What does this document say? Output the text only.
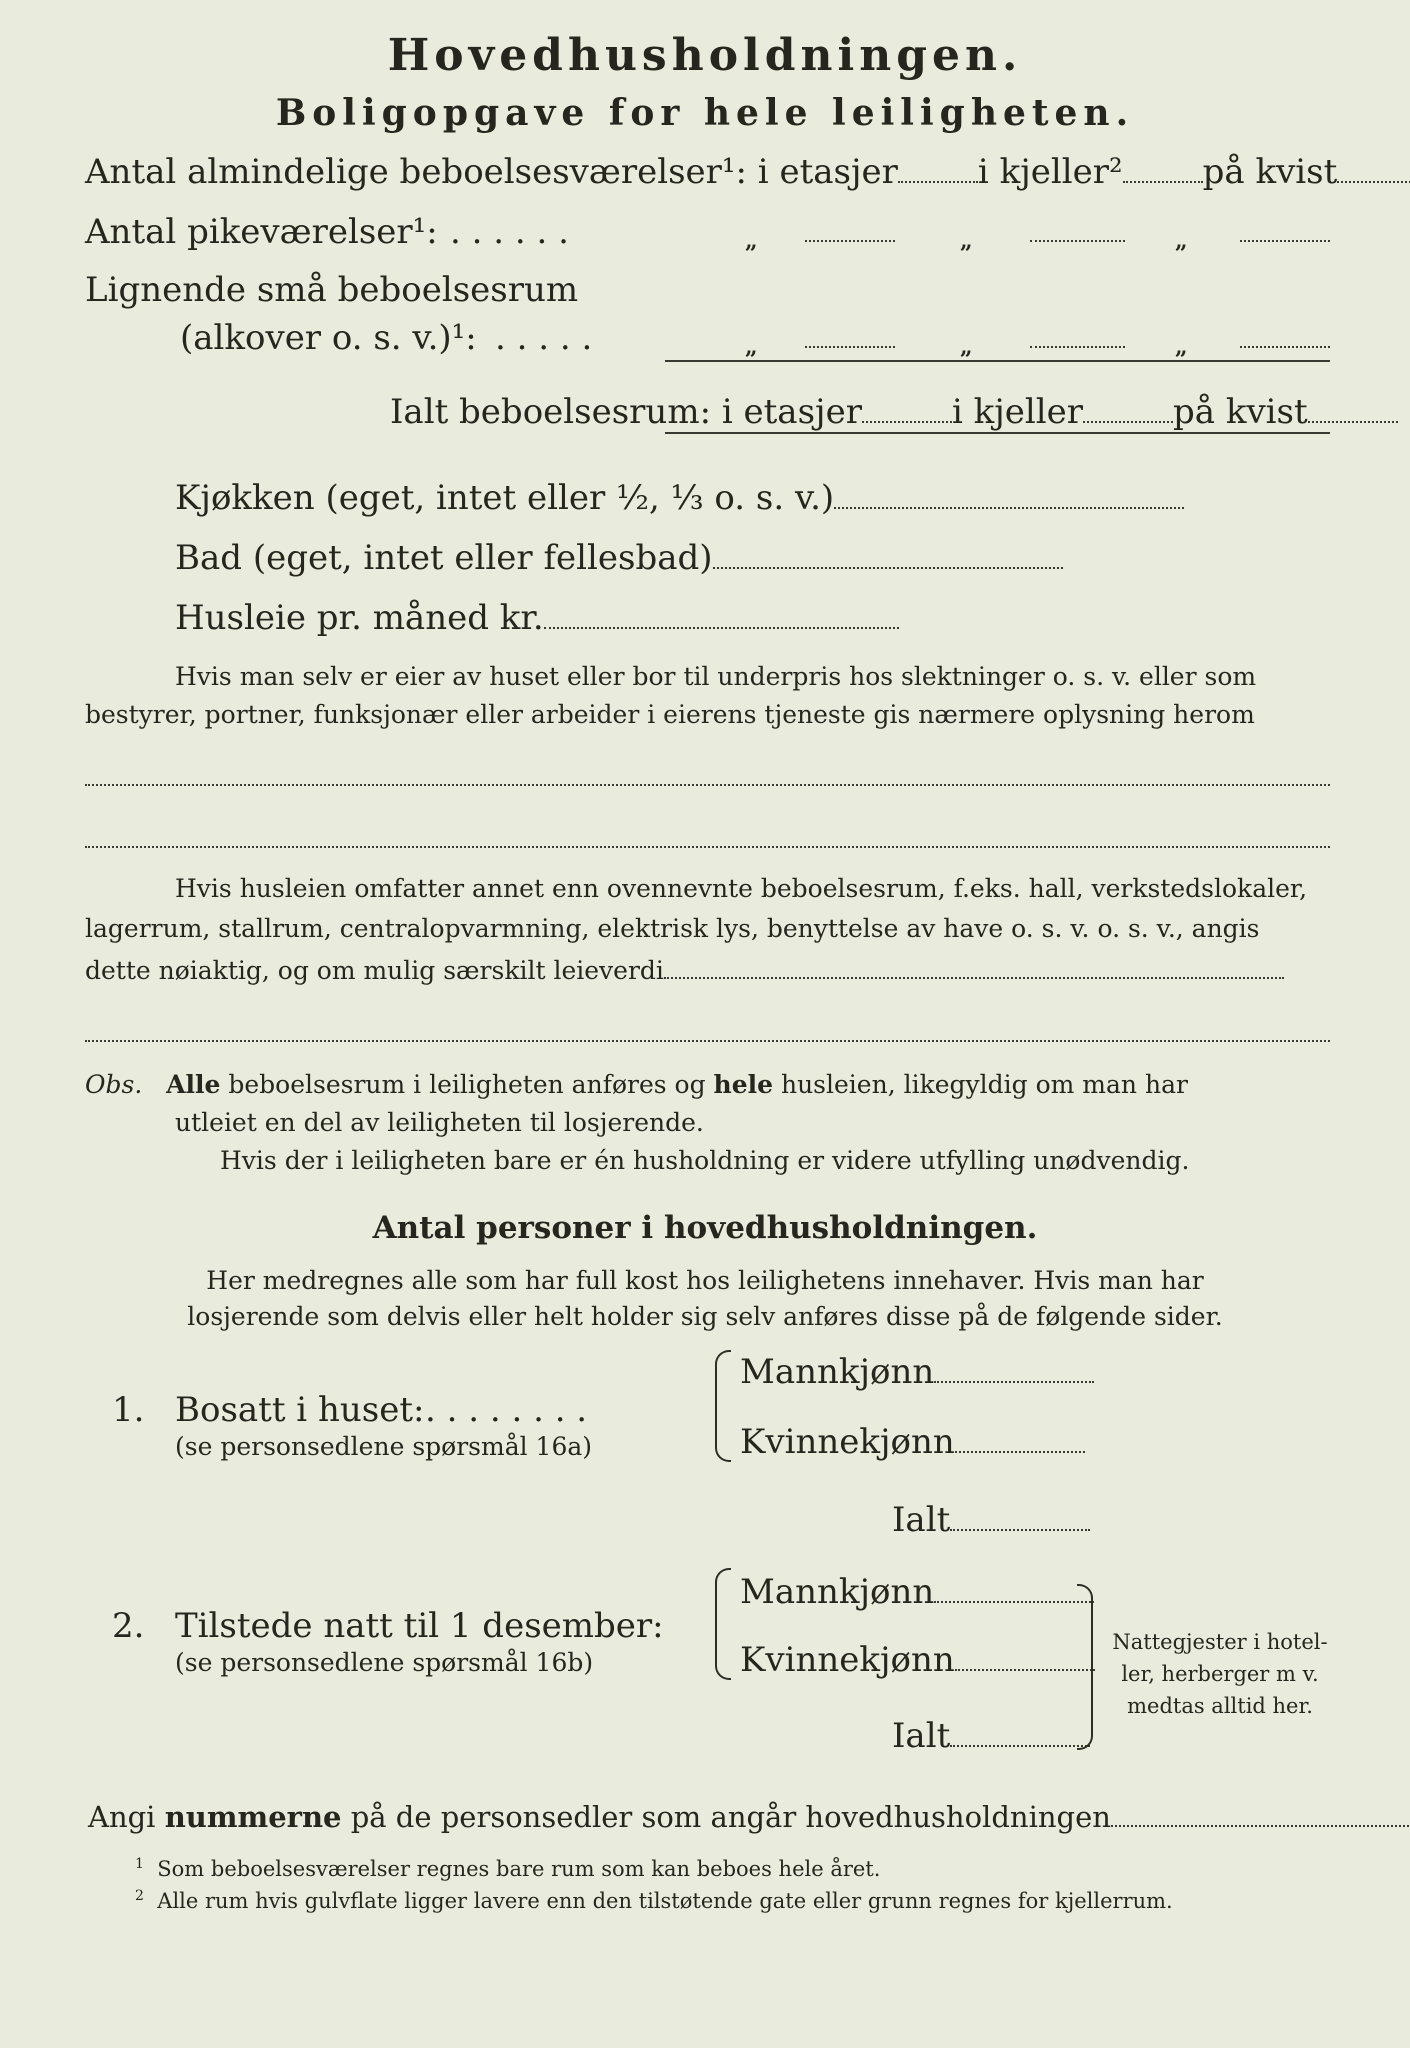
Hovedhusholdningen.
Boligopgave for hele leiligheten.
Antal almindelige beboelsesværelser¹: i etasjer i kjeller² på kvist
Antal pikeværelser¹: . . . . . .	„	„	„
Lignende små beboelsesrum
(alkover o. s. v.)¹: . . . . .	„	„	„
Ialt beboelsesrum: i etasjer	i kjeller	på kvist
Kjøkken (eget, intet eller ½, ⅓ o. s. v.)
Bad (eget, intet eller fellesbad)
Husleie pr. måned kr.
Hvis man selv er eier av huset eller bor til underpris hos slektninger o. s. v. eller som
bestyrer, portner, funksjonær eller arbeider i eierens tjeneste gis nærmere oplysning herom
Hvis husleien omfatter annet enn ovennevnte beboelsesrum, f.eks. hall, verkstedslokaler,
lagerrum, stallrum, centralopvarmning, elektrisk lys, benyttelse av have o. s. v. o. s. v., angis
dette nøiaktig, og om mulig særskilt leieverdi
Obs. Alle beboelsesrum i leiligheten anføres og hele husleien, likegyldig om man har
utleiet en del av leiligheten til losjerende.
Hvis der i leiligheten bare er én husholdning er videre utfylling unødvendig.
Antal personer i hovedhusholdningen.
Her medregnes alle som har full kost hos leilighetens innehaver. Hvis man har
losjerende som delvis eller helt holder sig selv anføres disse på de følgende sider.
1. Bosatt i huset: . . . . . . . .
(se personsedlene spørsmål 16a)
Mannkjønn
Kvinnekjønn
Ialt
2. Tilstede natt til 1 desember:
(se personsedlene spørsmål 16b)
Mannkjønn
Kvinnekjønn
Ialt
Nattegjester i hotel-
ler, herberger m v.
medtas alltid her.
Angi nummerne på de personsedler som angår hovedhusholdningen
$^1$ Som beboelsesværelser regnes bare rum som kan beboes hele året.
$^2$ Alle rum hvis gulvflate ligger lavere enn den tilstøtende gate eller grunn regnes for kjellerrum.
